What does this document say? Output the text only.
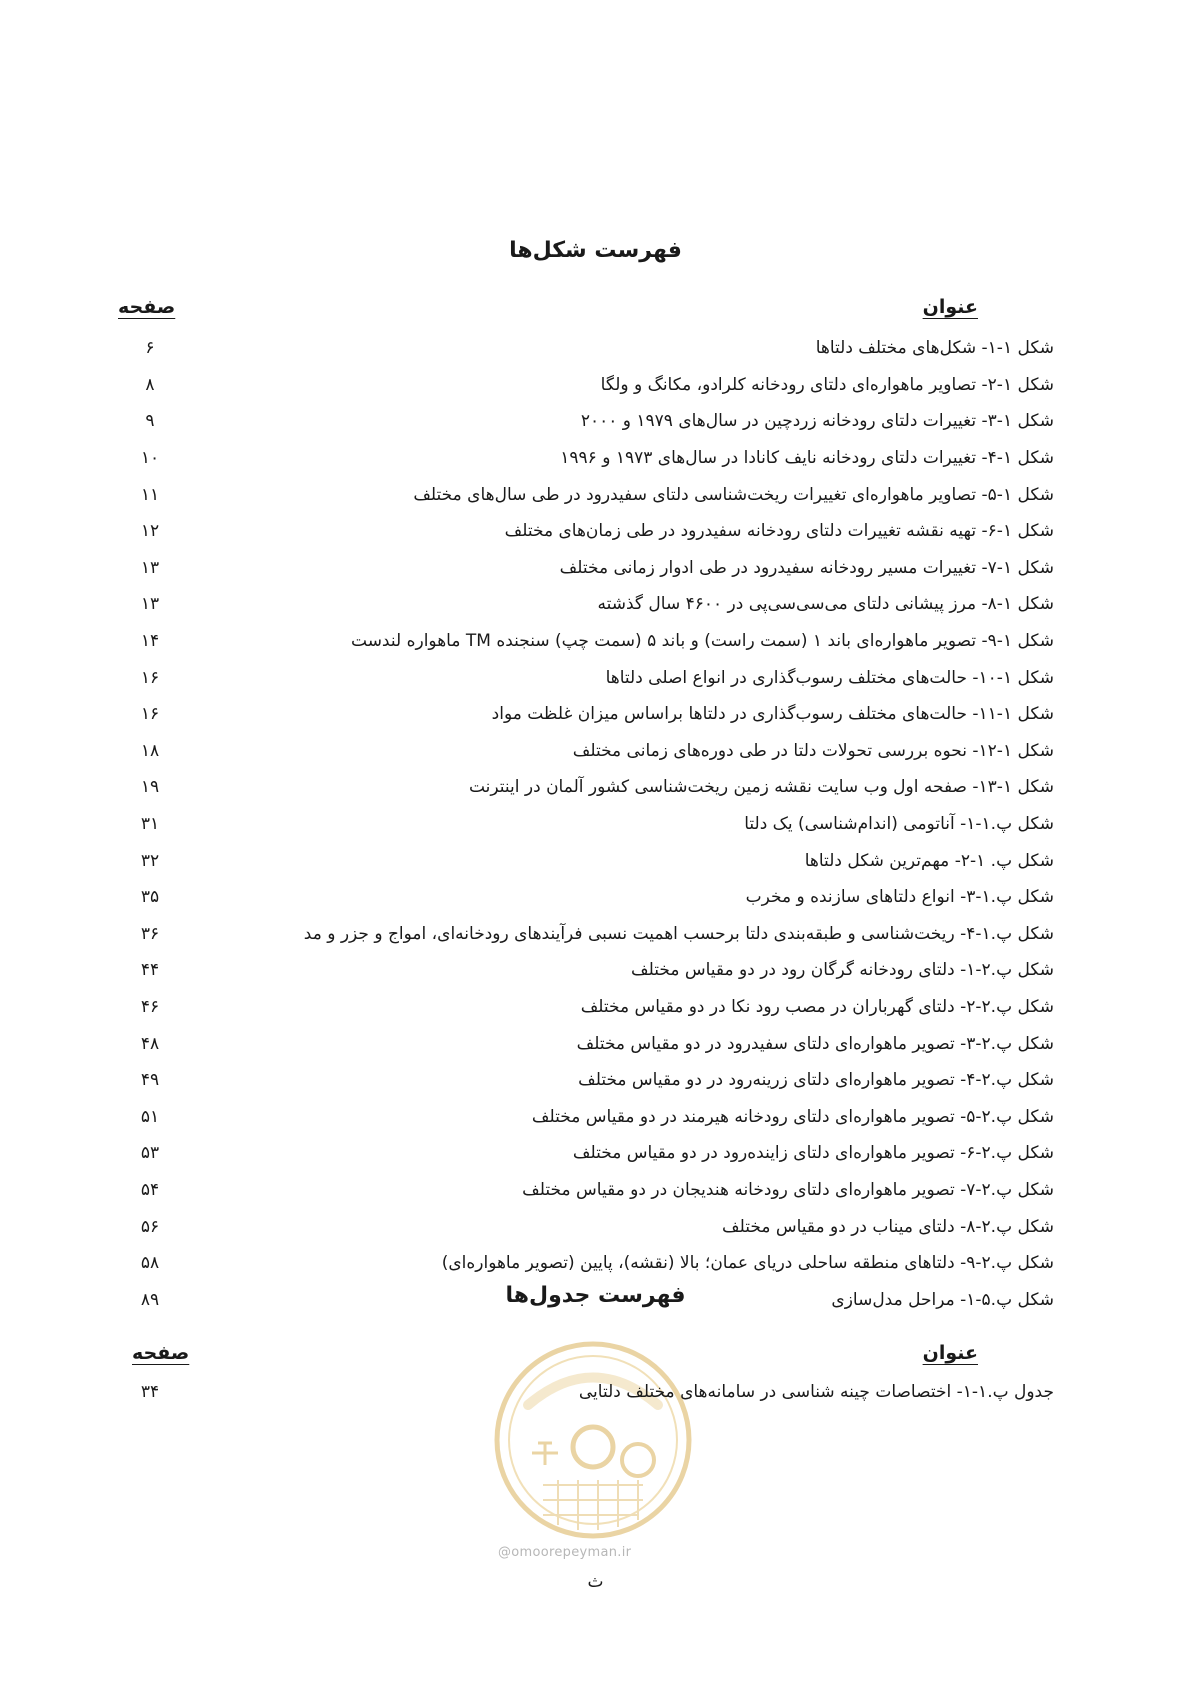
فهرست شکل‌ها
عنوان
صفحه
شکل ۱-۱- شکل‌های مختلف دلتاها
۶
شکل ۱-۲- تصاویر ماهواره‌ای دلتای رودخانه کلرادو، مکانگ و ولگا
۸
شکل ۱-۳- تغییرات دلتای رودخانه زردچین در سال‌های ۱۹۷۹ و ۲۰۰۰
۹
شکل ۱-۴- تغییرات دلتای رودخانه نایف کانادا در سال‌های ۱۹۷۳ و ۱۹۹۶
۱۰
شکل ۱-۵- تصاویر ماهواره‌ای تغییرات ریخت‌شناسی دلتای سفیدرود در طی سال‌های مختلف
۱۱
شکل ۱-۶- تهیه نقشه تغییرات دلتای رودخانه سفیدرود در طی زمان‌های مختلف
۱۲
شکل ۱-۷- تغییرات مسیر رودخانه سفیدرود در طی ادوار زمانی مختلف
۱۳
شکل ۱-۸- مرز پیشانی دلتای می‌سی‌سی‌پی در ۴۶۰۰ سال گذشته
۱۳
شکل ۱-۹- تصویر ماهواره‌ای باند ۱ (سمت راست) و باند ۵ (سمت چپ) سنجنده TM ماهواره لندست
۱۴
شکل ۱-۱۰- حالت‌های مختلف رسوب‌گذاری در انواع اصلی دلتاها
۱۶
شکل ۱-۱۱- حالت‌های مختلف رسوب‌گذاری در دلتاها براساس میزان غلظت مواد
۱۶
شکل ۱-۱۲- نحوه بررسی تحولات دلتا در طی دوره‌های زمانی مختلف
۱۸
شکل ۱-۱۳- صفحه اول وب سایت نقشه زمین ریخت‌شناسی کشور آلمان در اینترنت
۱۹
شکل پ.۱-۱- آناتومی (اندام‌شناسی) یک دلتا
۳۱
شکل پ. ۱-۲- مهم‌ترین شکل دلتاها
۳۲
شکل پ.۱-۳- انواع دلتاهای سازنده و مخرب
۳۵
شکل پ.۱-۴- ریخت‌شناسی و طبقه‌بندی دلتا برحسب اهمیت نسبی فرآیندهای رودخانه‌ای، امواج و جزر و مد
۳۶
شکل پ.۲-۱- دلتای رودخانه گرگان رود در دو مقیاس مختلف
۴۴
شکل پ.۲-۲- دلتای گهرباران در مصب رود نکا در دو مقیاس مختلف
۴۶
شکل پ.۲-۳- تصویر ماهواره‌ای دلتای سفیدرود در دو مقیاس مختلف
۴۸
شکل پ.۲-۴- تصویر ماهواره‌ای دلتای زرینه‌رود در دو مقیاس مختلف
۴۹
شکل پ.۲-۵- تصویر ماهواره‌ای دلتای رودخانه هیرمند در دو مقیاس مختلف
۵۱
شکل پ.۲-۶- تصویر ماهواره‌ای دلتای زاینده‌رود در دو مقیاس مختلف
۵۳
شکل پ.۲-۷- تصویر ماهواره‌ای دلتای رودخانه هندیجان در دو مقیاس مختلف
۵۴
شکل پ.۲-۸- دلتای میناب در دو مقیاس مختلف
۵۶
شکل پ.۲-۹- دلتاهای منطقه ساحلی دریای عمان؛ بالا (نقشه)، پایین (تصویر ماهواره‌ای)
۵۸
شکل پ.۵-۱- مراحل مدل‌سازی
۸۹	فهرست جدول‌ها
عنوان
صفحه
جدول پ.۱-۱- اختصاصات چینه شناسی در سامانه‌های مختلف دلتایی
۳۴
@omoorepeyman.ir
ث
